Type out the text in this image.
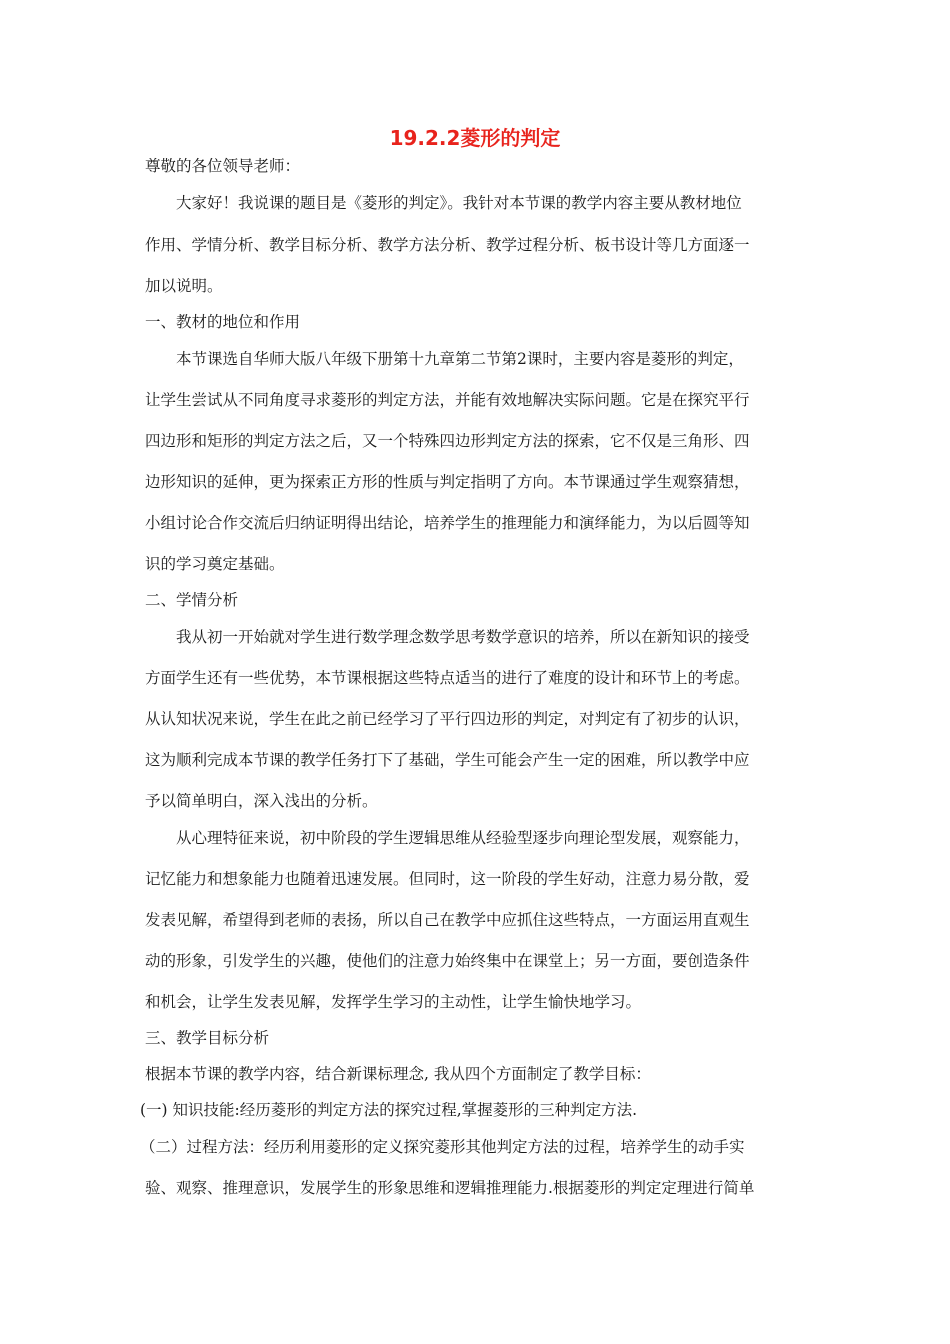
19.2.2菱形的判定
尊敬的各位领导老师：
大家好！我说课的题目是《菱形的判定》。我针对本节课的教学内容主要从教材地位
作用、学情分析、教学目标分析、教学方法分析、教学过程分析、板书设计等几方面逐一
加以说明。
一、教材的地位和作用
本节课选自华师大版八年级下册第十九章第二节第2课时，主要内容是菱形的判定，
让学生尝试从不同角度寻求菱形的判定方法，并能有效地解决实际问题。它是在探究平行
四边形和矩形的判定方法之后，又一个特殊四边形判定方法的探索，它不仅是三角形、四
边形知识的延伸，更为探索正方形的性质与判定指明了方向。本节课通过学生观察猜想，
小组讨论合作交流后归纳证明得出结论，培养学生的推理能力和演绎能力，为以后圆等知
识的学习奠定基础。
二、学情分析
我从初一开始就对学生进行数学理念数学思考数学意识的培养，所以在新知识的接受
方面学生还有一些优势，本节课根据这些特点适当的进行了难度的设计和环节上的考虑。
从认知状况来说，学生在此之前已经学习了平行四边形的判定，对判定有了初步的认识，
这为顺利完成本节课的教学任务打下了基础，学生可能会产生一定的困难，所以教学中应
予以简单明白，深入浅出的分析。
从心理特征来说，初中阶段的学生逻辑思维从经验型逐步向理论型发展，观察能力，
记忆能力和想象能力也随着迅速发展。但同时，这一阶段的学生好动，注意力易分散，爱
发表见解，希望得到老师的表扬，所以自己在教学中应抓住这些特点，一方面运用直观生
动的形象，引发学生的兴趣，使他们的注意力始终集中在课堂上；另一方面，要创造条件
和机会，让学生发表见解，发挥学生学习的主动性，让学生愉快地学习。
三、教学目标分析
根据本节课的教学内容，结合新课标理念, 我从四个方面制定了教学目标：
(一) 知识技能:经历菱形的判定方法的探究过程,掌握菱形的三种判定方法.
（二）过程方法：经历利用菱形的定义探究菱形其他判定方法的过程，培养学生的动手实
验、观察、推理意识，发展学生的形象思维和逻辑推理能力.根据菱形的判定定理进行简单
